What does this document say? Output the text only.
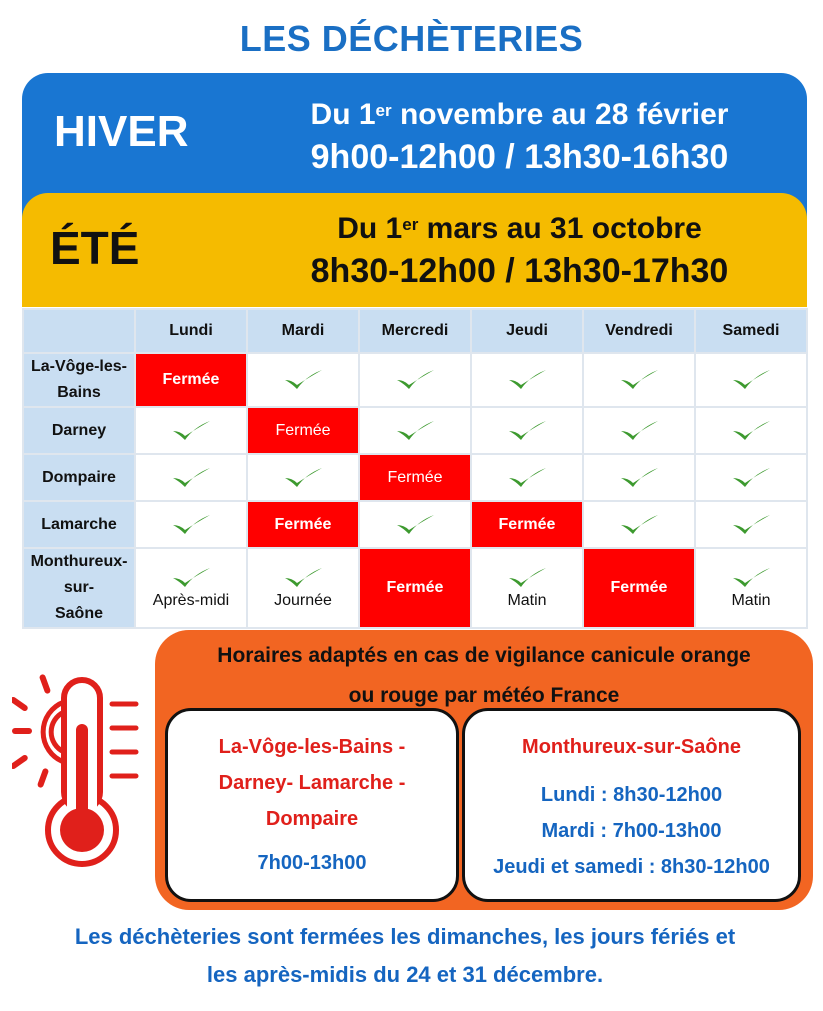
LES DÉCHÈTERIES
HIVER	Du 1er novembre au 28 février
9h00-12h00 / 13h30-16h30
ÉTÉ	Du 1er mars au 31 octobre
8h30-12h00 / 13h30-17h30
	Lundi	Mardi	Mercredi	Jeudi	Vendredi	Samedi
La-Vôge-les-Bains	Fermée	

Darney		Fermée	

Dompaire			Fermée	

Lamarche		Fermée		Fermée	

Monthureux-sur-
Saône	Après-midi	Journée	Fermée	Matin	Fermée	Matin
Horaires adaptés en cas de vigilance canicule orange
ou rouge par météo France
La-Vôge-les-Bains -
Darney- Lamarche -
Dompaire
7h00-13h00
Monthureux-sur-Saône
Lundi : 8h30-12h00
Mardi : 7h00-13h00
Jeudi et samedi : 8h30-12h00
Les déchèteries sont fermées les dimanches, les jours fériés et
les après-midis du 24 et 31 décembre.
